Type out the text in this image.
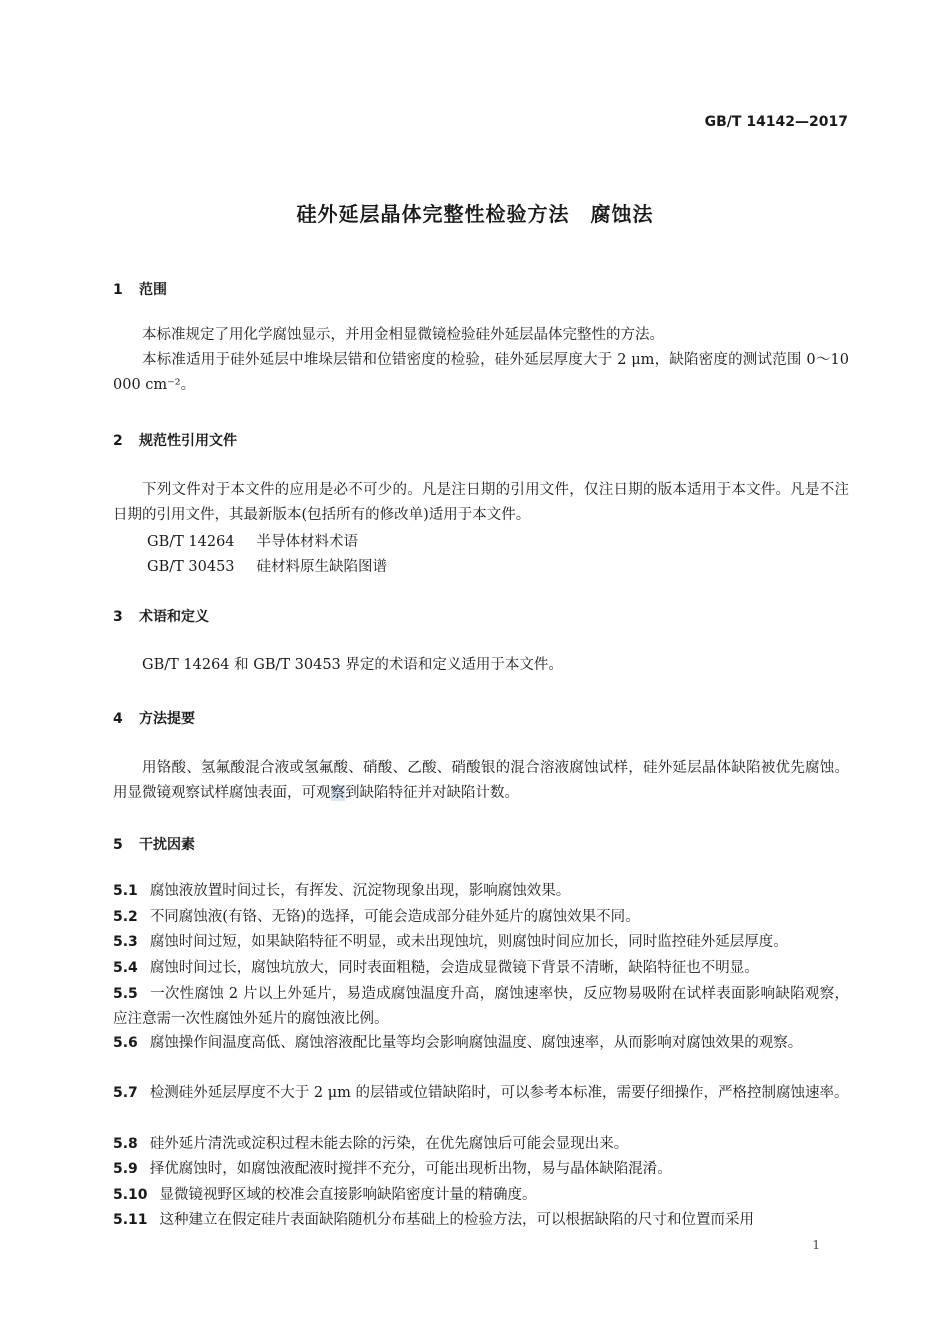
GB/T 14142—2017
硅外延层晶体完整性检验方法　腐蚀法
1 范围

本标准规定了用化学腐蚀显示，并用金相显微镜检验硅外延层晶体完整性的方法。

本标准适用于硅外延层中堆垛层错和位错密度的检验，硅外延层厚度大于 2 μm，缺陷密度的测试范围 0～10 000 cm⁻²。

2 规范性引用文件

下列文件对于本文件的应用是必不可少的。凡是注日期的引用文件，仅注日期的版本适用于本文件。凡是不注日期的引用文件，其最新版本(包括所有的修改单)适用于本文件。

GB/T 14264 半导体材料术语
GB/T 30453 硅材料原生缺陷图谱
3 术语和定义

GB/T 14264 和 GB/T 30453 界定的术语和定义适用于本文件。

4 方法提要

用铬酸、氢氟酸混合液或氢氟酸、硝酸、乙酸、硝酸银的混合溶液腐蚀试样，硅外延层晶体缺陷被优先腐蚀。用显微镜观察试样腐蚀表面，可观察到缺陷特征并对缺陷计数。

5 干扰因素
5.1 腐蚀液放置时间过长，有挥发、沉淀物现象出现，影响腐蚀效果。
5.2 不同腐蚀液(有铬、无铬)的选择，可能会造成部分硅外延片的腐蚀效果不同。
5.3 腐蚀时间过短，如果缺陷特征不明显，或未出现蚀坑，则腐蚀时间应加长，同时监控硅外延层厚度。
5.4 腐蚀时间过长，腐蚀坑放大，同时表面粗糙，会造成显微镜下背景不清晰，缺陷特征也不明显。
5.5 一次性腐蚀 2 片以上外延片，易造成腐蚀温度升高，腐蚀速率快，反应物易吸附在试样表面影响缺陷观察，应注意需一次性腐蚀外延片的腐蚀液比例。
5.6 腐蚀操作间温度高低、腐蚀溶液配比量等均会影响腐蚀温度、腐蚀速率，从而影响对腐蚀效果的观察。
5.7 检测硅外延层厚度不大于 2 μm 的层错或位错缺陷时，可以参考本标准，需要仔细操作，严格控制腐蚀速率。
5.8 硅外延片清洗或淀积过程未能去除的污染，在优先腐蚀后可能会显现出来。
5.9 择优腐蚀时，如腐蚀液配液时搅拌不充分，可能出现析出物，易与晶体缺陷混淆。
5.10 显微镜视野区域的校准会直接影响缺陷密度计量的精确度。
5.11 这种建立在假定硅片表面缺陷随机分布基础上的检验方法，可以根据缺陷的尺寸和位置而采用
1
